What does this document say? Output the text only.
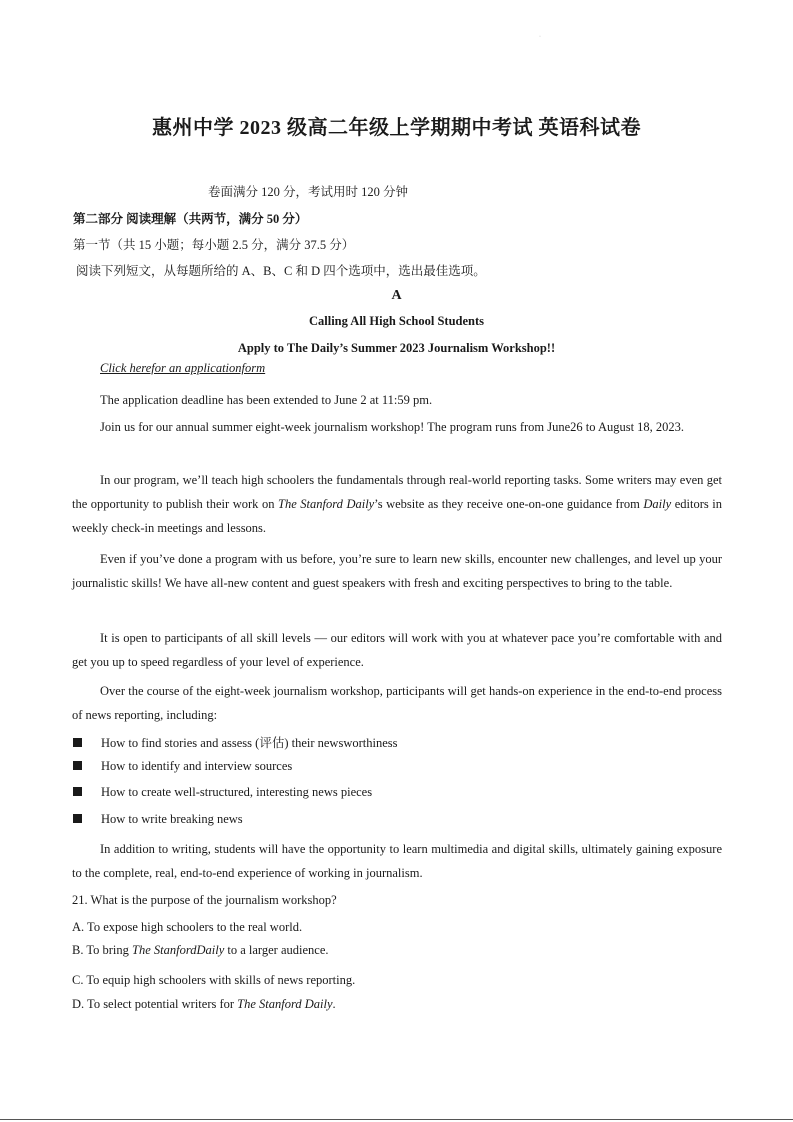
·
惠州中学 2023 级高二年级上学期期中考试 英语科试卷
卷面满分 120 分，考试用时 120 分钟
第二部分 阅读理解（共两节，满分 50 分）
第一节（共 15 小题；每小题 2.5 分，满分 37.5 分）
阅读下列短文，从每题所给的 A、B、C 和 D 四个选项中，选出最佳选项。
A
Calling All High School Students
Apply to The Daily’s Summer 2023 Journalism Workshop!!
Click herefor an applicationform
The application deadline has been extended to June 2 at 11:59 pm.
Join us for our annual summer eight-week journalism workshop! The program runs from June26 to August 18, 2023.
In our program, we’ll teach high schoolers the fundamentals through real-world reporting tasks. Some writers may even get the opportunity to publish their work on The Stanford Daily’s website as they receive one-on-one guidance from Daily editors in weekly check-in meetings and lessons.
Even if you’ve done a program with us before, you’re sure to learn new skills, encounter new challenges, and level up your journalistic skills! We have all-new content and guest speakers with fresh and exciting perspectives to bring to the table.
It is open to participants of all skill levels — our editors will work with you at whatever pace you’re comfortable with and get you up to speed regardless of your level of experience.
Over the course of the eight-week journalism workshop, participants will get hands-on experience in the end-to-end process of news reporting, including:
How to find stories and assess (评估) their newsworthiness
How to identify and interview sources
How to create well-structured, interesting news pieces
How to write breaking news
In addition to writing, students will have the opportunity to learn multimedia and digital skills, ultimately gaining exposure to the complete, real, end-to-end experience of working in journalism.
21. What is the purpose of the journalism workshop?
A. To expose high schoolers to the real world.
B. To bring The StanfordDaily to a larger audience.
C. To equip high schoolers with skills of news reporting.
D. To select potential writers for The Stanford Daily.
